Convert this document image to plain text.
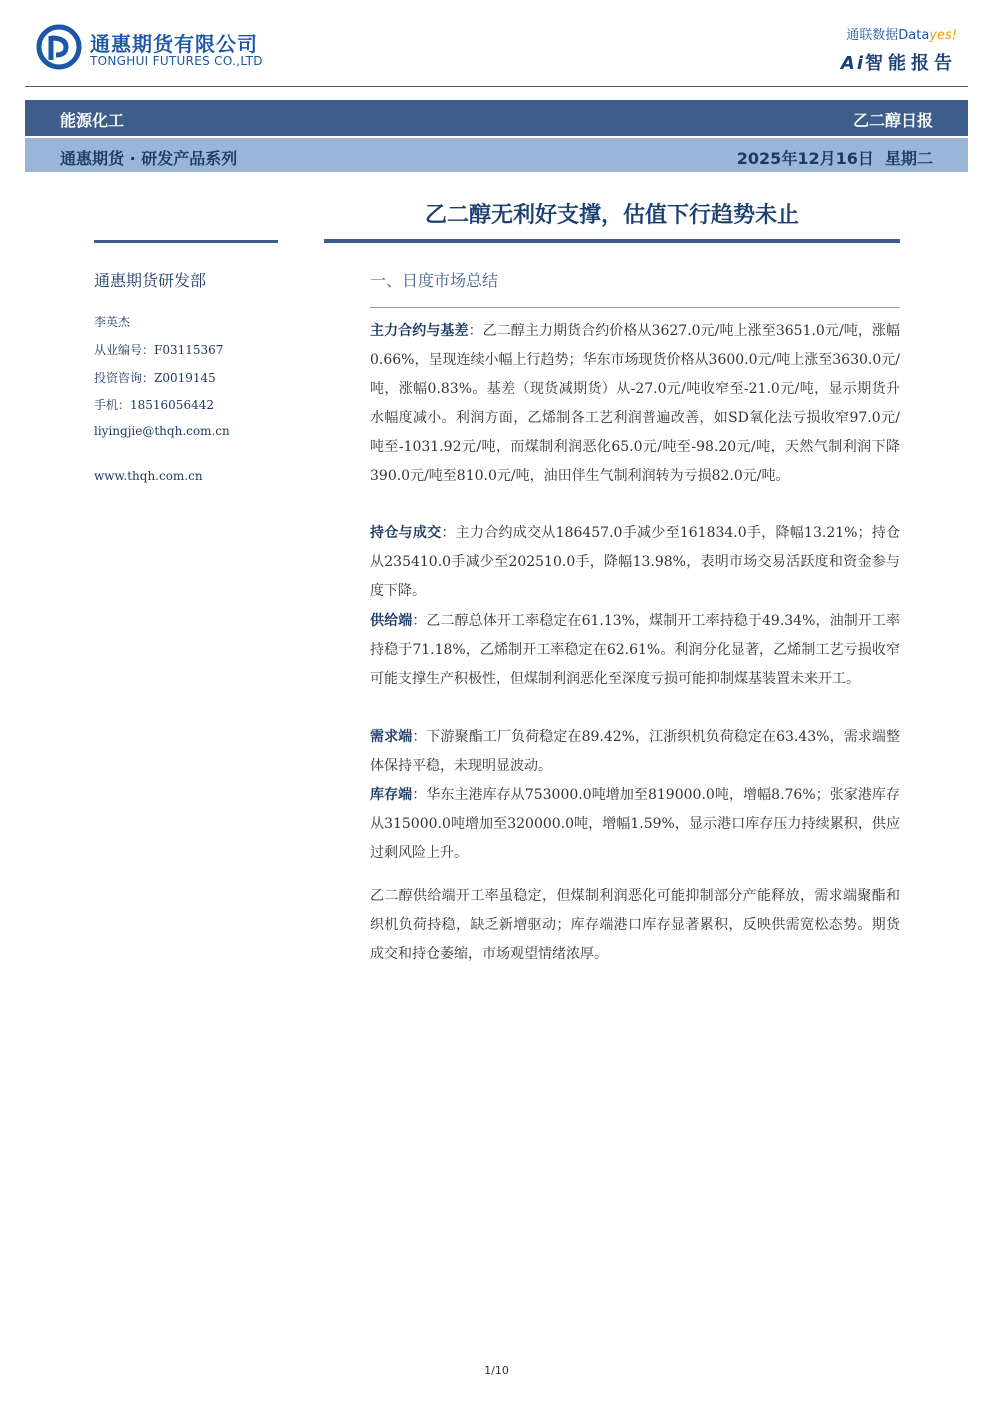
通惠期货有限公司
TONGHUI FUTURES CO.,LTD
通联数据Datayes!
Ai智能报告
能源化工	乙二醇日报
通惠期货 · 研发产品系列	2025年12月16日  星期二
乙二醇无利好支撑，估值下行趋势未止
通惠期货研发部
李英杰
从业编号：F03115367
投资咨询：Z0019145
手机：18516056442
liyingjie@thqh.com.cn
www.thqh.com.cn
一、日度市场总结

主力合约与基差：乙二醇主力期货合约价格从3627.0元/吨上涨至3651.0元/吨，涨幅0.66%，呈现连续小幅上行趋势；华东市场现货价格从3600.0元/吨上涨至3630.0元/吨，涨幅0.83%。基差（现货减期货）从-27.0元/吨收窄至-21.0元/吨，显示期货升水幅度减小。利润方面，乙烯制各工艺利润普遍改善，如SD氧化法亏损收窄97.0元/吨至-1031.92元/吨，而煤制利润恶化65.0元/吨至-98.20元/吨，天然气制利润下降390.0元/吨至810.0元/吨，油田伴生气制利润转为亏损82.0元/吨。

持仓与成交：主力合约成交从186457.0手减少至161834.0手，降幅13.21%；持仓从235410.0手减少至202510.0手，降幅13.98%，表明市场交易活跃度和资金参与度下降。

供给端：乙二醇总体开工率稳定在61.13%，煤制开工率持稳于49.34%，油制开工率持稳于71.18%，乙烯制开工率稳定在62.61%。利润分化显著，乙烯制工艺亏损收窄可能支撑生产积极性，但煤制利润恶化至深度亏损可能抑制煤基装置未来开工。

需求端：下游聚酯工厂负荷稳定在89.42%，江浙织机负荷稳定在63.43%，需求端整体保持平稳，未现明显波动。

库存端：华东主港库存从753000.0吨增加至819000.0吨，增幅8.76%；张家港库存从315000.0吨增加至320000.0吨，增幅1.59%，显示港口库存压力持续累积，供应过剩风险上升。

乙二醇供给端开工率虽稳定，但煤制利润恶化可能抑制部分产能释放，需求端聚酯和织机负荷持稳，缺乏新增驱动；库存端港口库存显著累积，反映供需宽松态势。期货成交和持仓萎缩，市场观望情绪浓厚。

1/10
